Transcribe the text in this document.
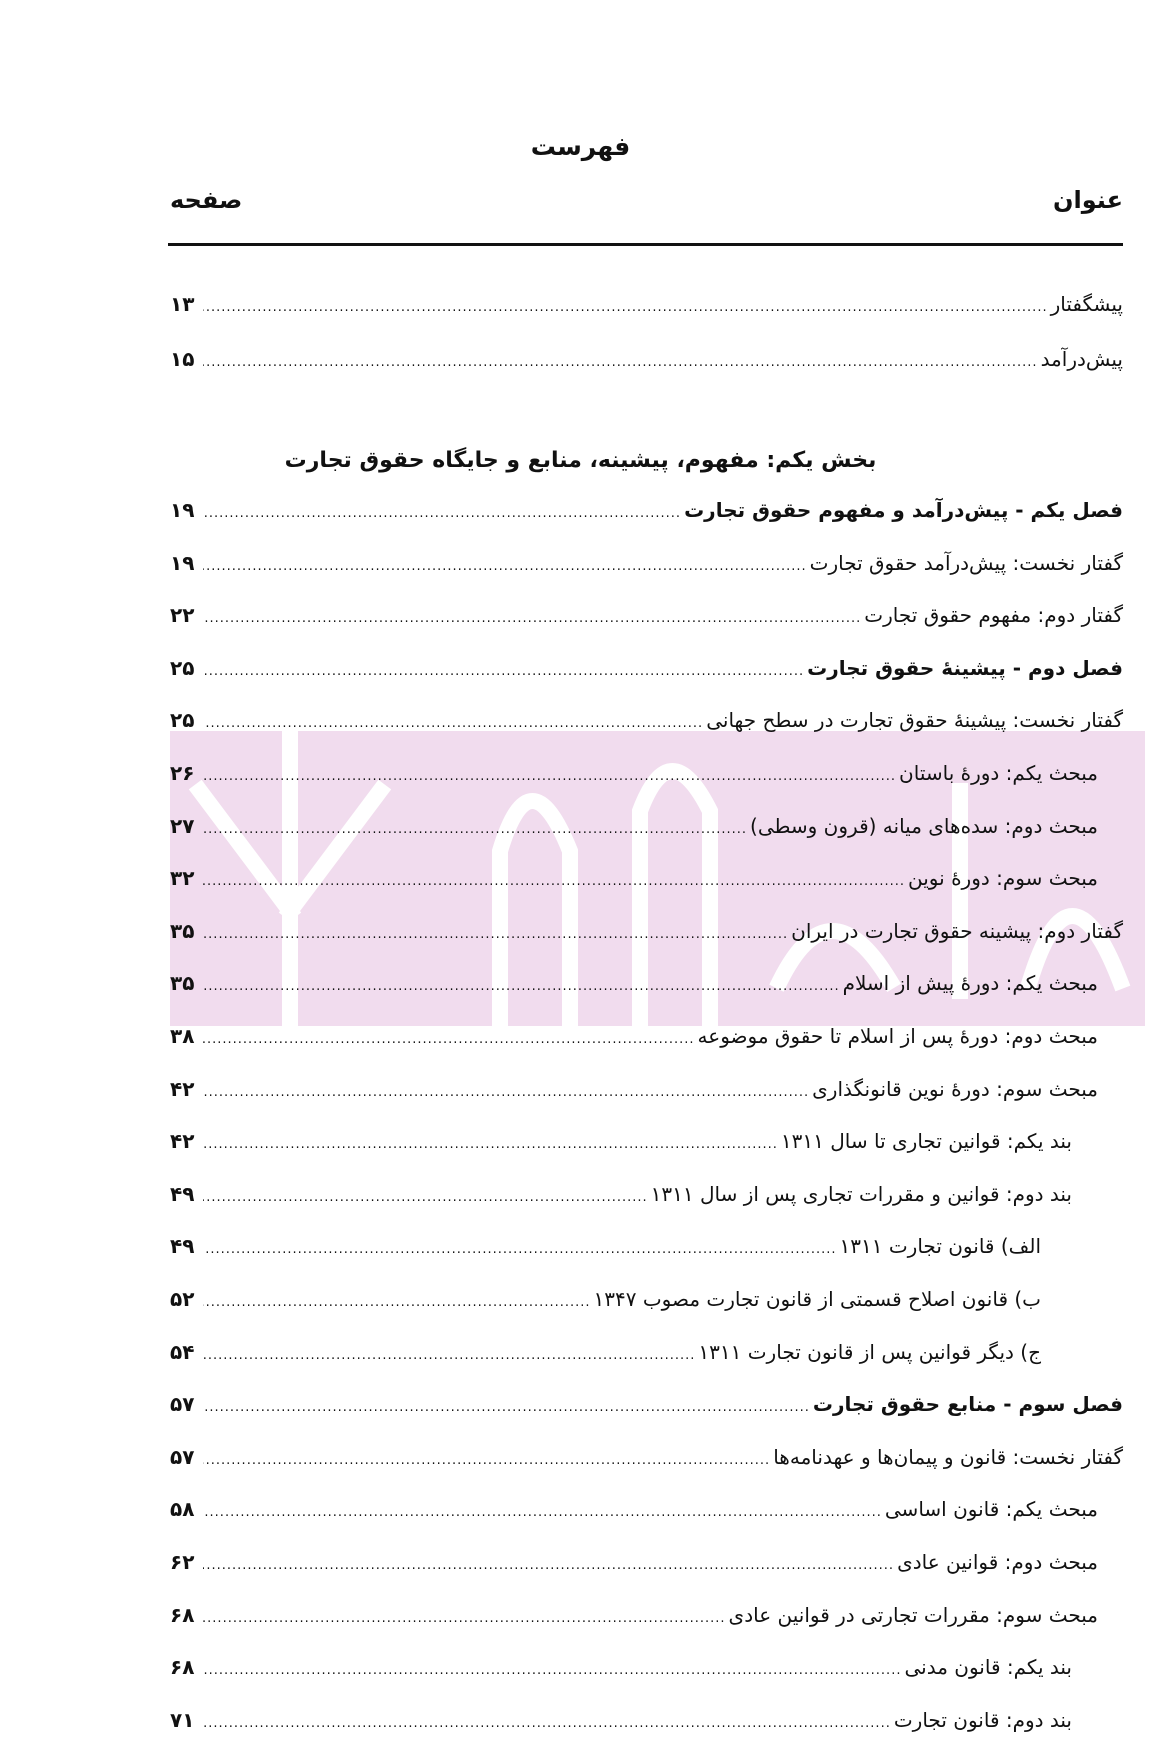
فهرست
عنوان
صفحه
پیشگفتار
.....
۱۳
پیش‌درآمد
.....
۱۵
بخش یکم: مفهوم، پیشینه، منابع و جایگاه حقوق تجارت
فصل یکم - پیش‌درآمد و مفهوم حقوق تجارت
.....
۱۹
گفتار نخست: پیش‌درآمد حقوق تجارت
.....
۱۹
گفتار دوم: مفهوم حقوق تجارت
.....
۲۲
فصل دوم - پیشینهٔ حقوق تجارت
.....
۲۵
گفتار نخست: پیشینهٔ حقوق تجارت در سطح جهانی
.....
۲۵
مبحث یکم: دورهٔ باستان
.....
۲۶
مبحث دوم: سده‌های میانه (قرون وسطی)
.....
۲۷
مبحث سوم: دورهٔ نوین
.....
۳۲
گفتار دوم: پیشینه حقوق تجارت در ایران
.....
۳۵
مبحث یکم: دورهٔ پیش از اسلام
.....
۳۵
مبحث دوم: دورهٔ پس از اسلام تا حقوق موضوعه
.....
۳۸
مبحث سوم: دورهٔ نوین قانونگذاری
.....
۴۲
بند یکم: قوانین تجاری تا سال ۱۳۱۱
.....
۴۲
بند دوم: قوانین و مقررات تجاری پس از سال ۱۳۱۱
.....
۴۹
الف) قانون تجارت ۱۳۱۱
.....
۴۹
ب) قانون اصلاح قسمتی از قانون تجارت مصوب ۱۳۴۷
.....
۵۲
ج) دیگر قوانین پس از قانون تجارت ۱۳۱۱
.....
۵۴
فصل سوم - منابع حقوق تجارت
.....
۵۷
گفتار نخست: قانون و پیمان‌ها و عهدنامه‌ها
.....
۵۷
مبحث یکم: قانون اساسی
.....
۵۸
مبحث دوم: قوانین عادی
.....
۶۲
مبحث سوم: مقررات تجارتی در قوانین عادی
.....
۶۸
بند یکم: قانون مدنی
.....
۶۸
بند دوم: قانون تجارت
.....
۷۱
